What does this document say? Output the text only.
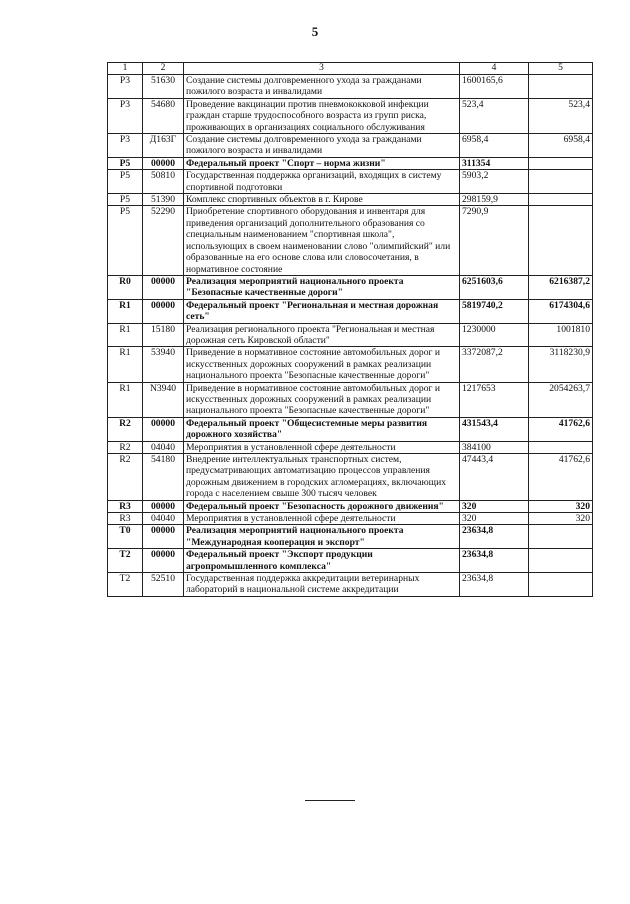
5
1	2	3	4	5
Р3	51630	Создание системы долговременного ухода за гражданами пожилого возраста и инвалидами	1600165,6	
Р3	54680	Проведение вакцинации против пневмококковой инфекции граждан старше трудоспособного возраста из групп риска, проживающих в организациях социального обслуживания	523,4	523,4
Р3	Д163Г	Создание системы долговременного ухода за гражданами пожилого возраста и инвалидами	6958,4	6958,4
Р5	00000	Федеральный проект "Спорт – норма жизни"	311354	
Р5	50810	Государственная поддержка организаций, входящих в систему спортивной подготовки	5903,2	
Р5	51390	Комплекс спортивных объектов в г. Кирове	298159,9	
Р5	52290	Приобретение спортивного оборудования и инвентаря для приведения организаций дополнительного образования со специальным наименованием "спортивная школа", использующих в своем наименовании слово "олимпийский" или образованные на его основе слова или словосочетания, в нормативное состояние	7290,9	
R0	00000	Реализация мероприятий национального проекта "Безопасные качественные дороги"	6251603,6	6216387,2
R1	00000	Федеральный проект "Региональная и местная дорожная сеть"	5819740,2	6174304,6
R1	15180	Реализация регионального проекта "Региональная и местная дорожная сеть Кировской области"	1230000	1001810
R1	53940	Приведение в нормативное состояние автомобильных дорог и искусственных дорожных сооружений в рамках реализации национального проекта "Безопасные качественные дороги"	3372087,2	3118230,9
R1	N3940	Приведение в нормативное состояние автомобильных дорог и искусственных дорожных сооружений в рамках реализации национального проекта "Безопасные качественные дороги"	1217653	2054263,7
R2	00000	Федеральный проект "Общесистемные меры развития дорожного хозяйства"	431543,4	41762,6
R2	04040	Мероприятия в установленной сфере деятельности	384100	
R2	54180	Внедрение интеллектуальных транспортных систем, предусматривающих автоматизацию процессов управления дорожным движением в городских агломерациях, включающих города с населением свыше 300 тысяч человек	47443,4	41762,6
R3	00000	Федеральный проект "Безопасность дорожного движения"	320	320
R3	04040	Мероприятия в установленной сфере деятельности	320	320
T0	00000	Реализация мероприятий национального проекта "Международная кооперация и экспорт"	23634,8	
T2	00000	Федеральный проект "Экспорт продукции агропромышленного комплекса"	23634,8	
T2	52510	Государственная поддержка аккредитации ветеринарных лабораторий в национальной системе аккредитации	23634,8	
